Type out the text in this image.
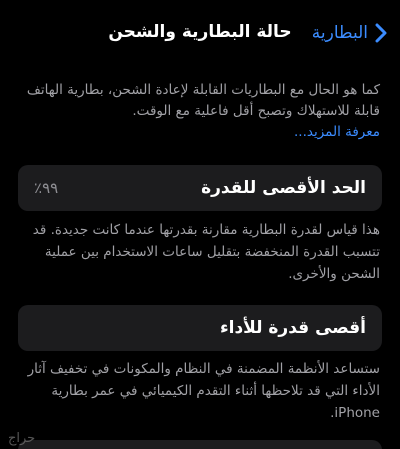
البطارية
حالة البطارية والشحن
كما هو الحال مع البطاريات القابلة لإعادة الشحن، بطارية الهاتف قابلة للاستهلاك وتصبح أقل فاعلية مع الوقت.
معرفة المزيد...
الحد الأقصى للقدرة
٪٩٩
هذا قياس لقدرة البطارية مقارنة بقدرتها عندما كانت جديدة. قد تتسبب القدرة المنخفضة بتقليل ساعات الاستخدام بين عملية الشحن والأخرى.
أقصى قدرة للأداء
ستساعد الأنظمة المضمنة في النظام والمكونات في تخفيف آثار الأداء التي قد تلاحظها أثناء التقدم الكيميائي في عمر بطارية iPhone.
حراج
